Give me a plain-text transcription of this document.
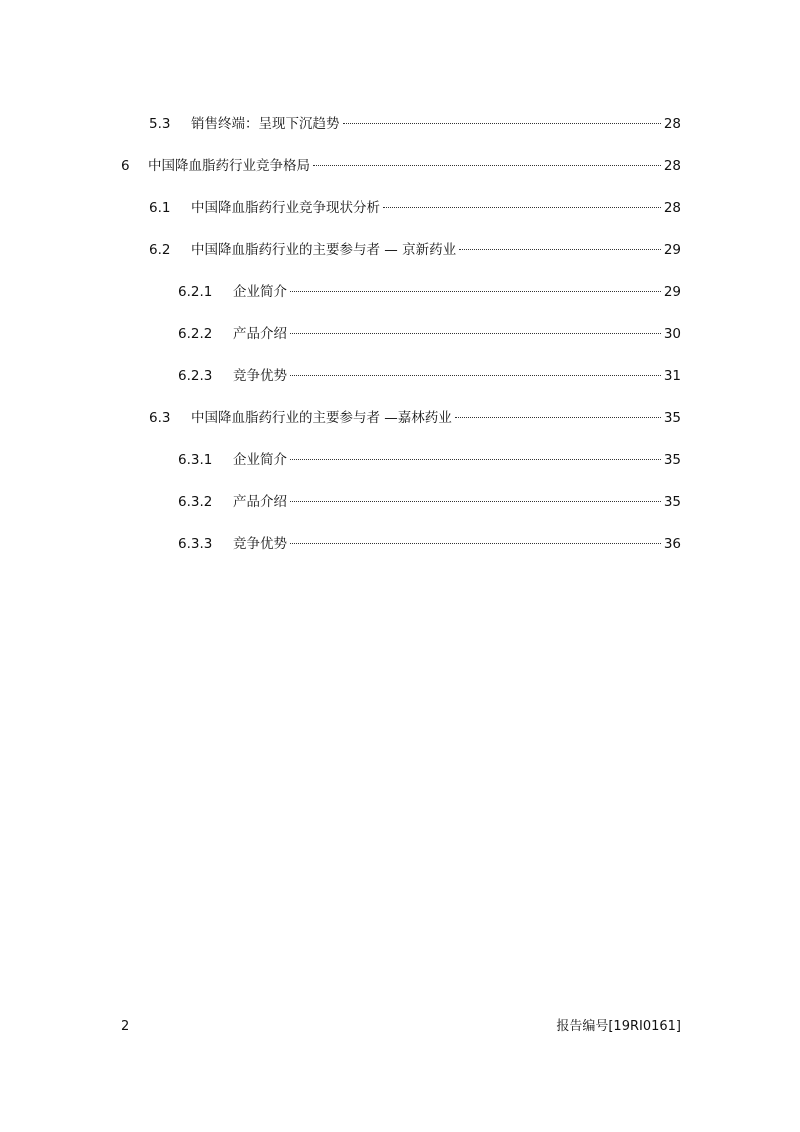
5.3	销售终端：呈现下沉趋势	28
6	中国降血脂药行业竞争格局	28
6.1	中国降血脂药行业竞争现状分析	28
6.2	中国降血脂药行业的主要参与者 — 京新药业	29
6.2.1	企业简介	29
6.2.2	产品介绍	30
6.2.3	竞争优势	31
6.3	中国降血脂药行业的主要参与者 —嘉林药业	35
6.3.1	企业简介	35
6.3.2	产品介绍	35
6.3.3	竞争优势	36
2	报告编号[19RI0161]
